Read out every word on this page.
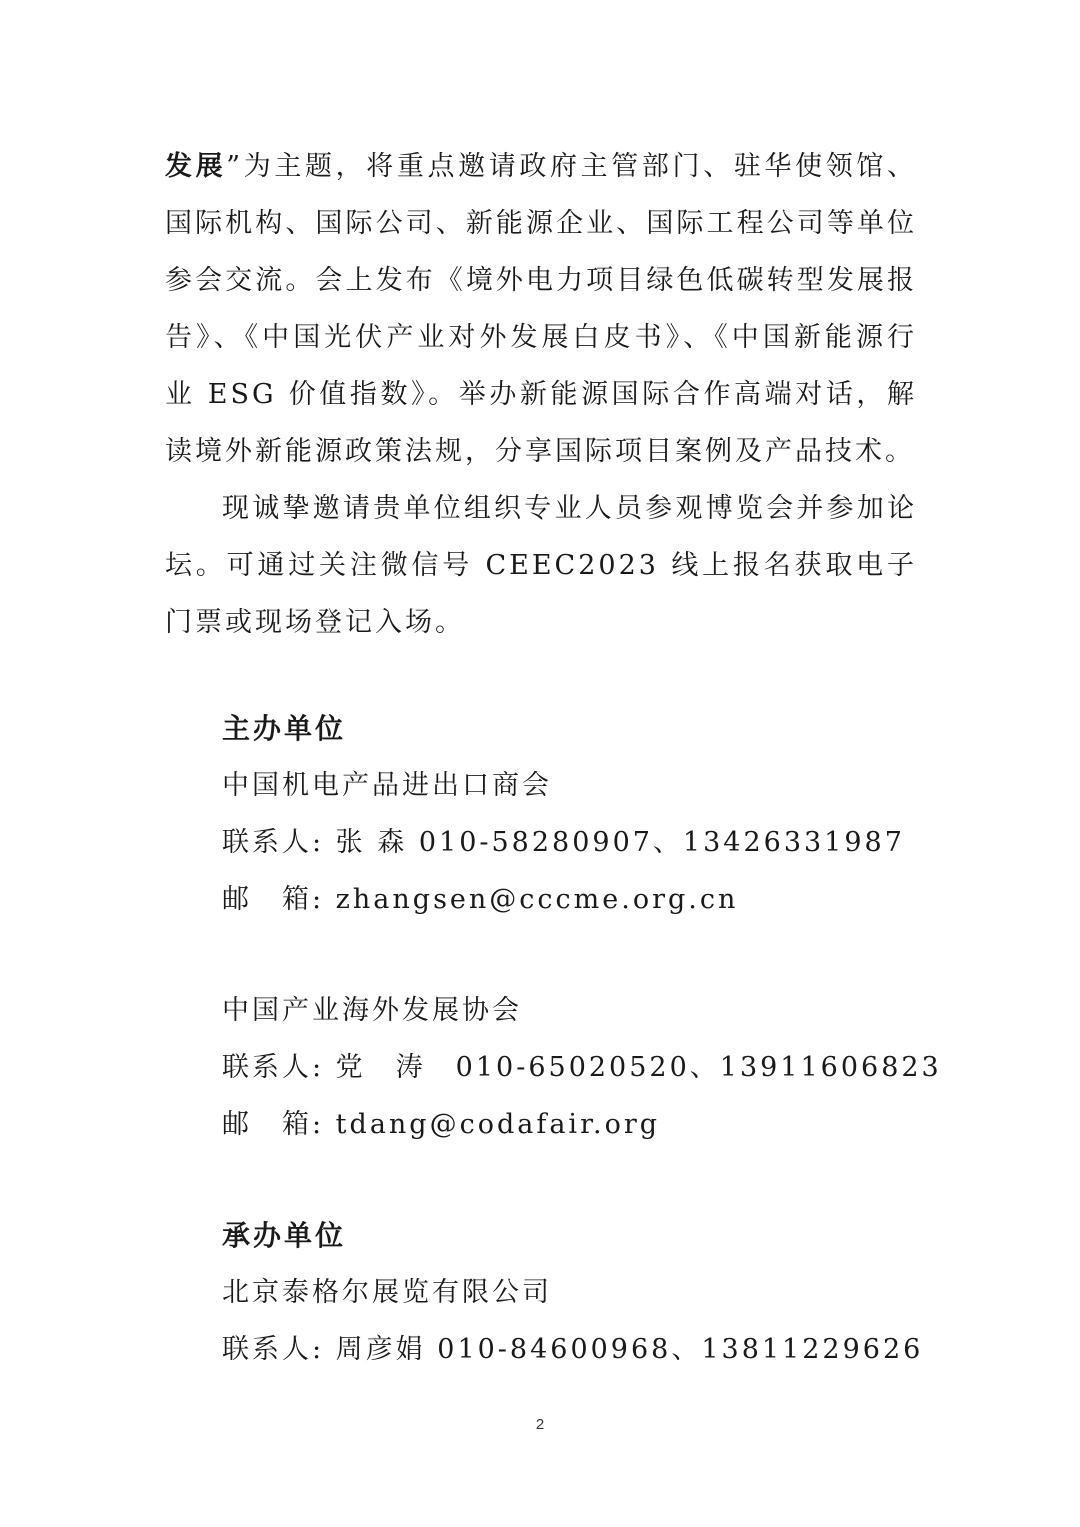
发展”为主题，将重点邀请政府主管部门、驻华使领馆、国际机构、国际公司、新能源企业、国际工程公司等单位参会交流。会上发布《境外电力项目绿色低碳转型发展报告》、《中国光伏产业对外发展白皮书》、《中国新能源行业 ESG 价值指数》。举办新能源国际合作高端对话，解读境外新能源政策法规，分享国际项目案例及产品技术。

现诚挚邀请贵单位组织专业人员参观博览会并参加论坛。可通过关注微信号 CEEC2023 线上报名获取电子门票或现场登记入场。

主办单位
中国机电产品进出口商会
联系人: 张 森 010-58280907、13426331987
邮　箱: zhangsen@cccme.org.cn
中国产业海外发展协会
联系人: 党　涛　010-65020520、13911606823
邮　箱: tdang@codafair.org
承办单位
北京泰格尔展览有限公司
联系人: 周彦娟 010-84600968、13811229626
2
